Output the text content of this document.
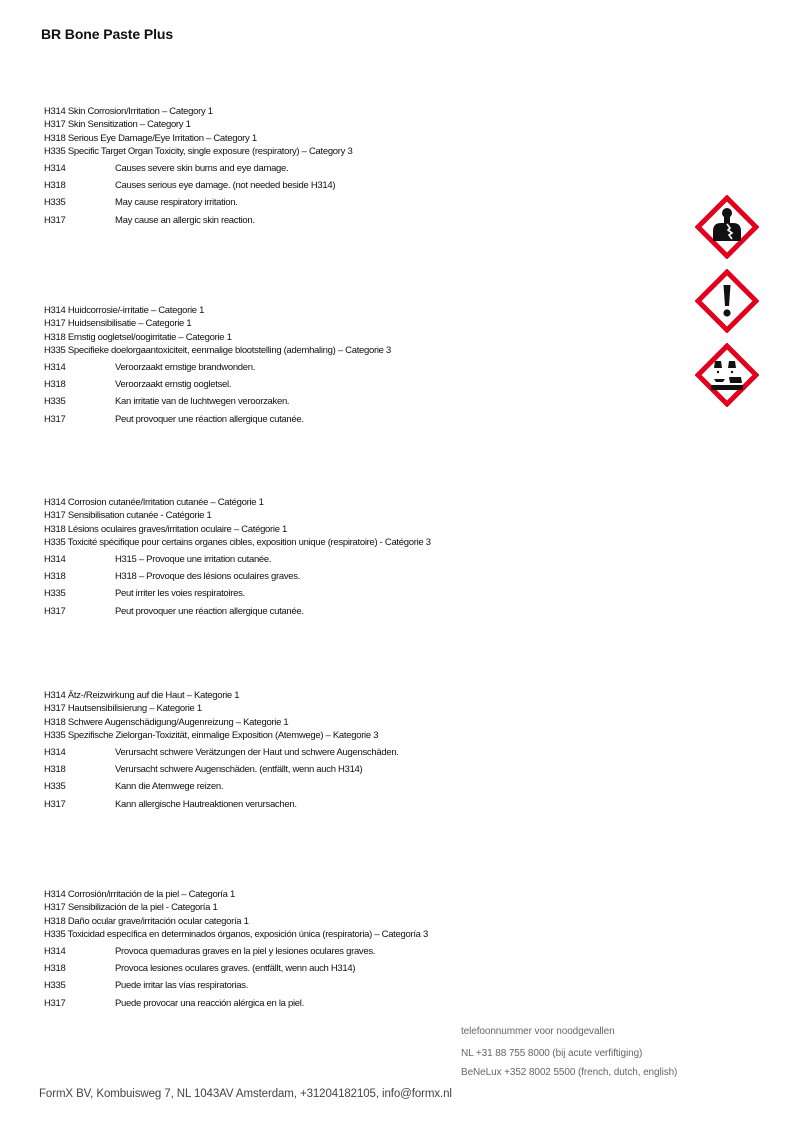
BR Bone Paste Plus
H314 Skin Corrosion/Irritation – Category 1
H317 Skin Sensitization – Category 1
H318 Serious Eye Damage/Eye Irritation – Category 1
H335 Specific Target Organ Toxicity, single exposure (respiratory) – Category 3
H314	Causes severe skin burns and eye damage.
H318	Causes serious eye damage. (not needed beside H314)
H335	May cause respiratory irritation.
H317	May cause an allergic skin reaction.
H314 Huidcorrosie/-irritatie – Categorie 1
H317 Huidsensibilisatie – Categorie 1
H318 Ernstig oogletsel/oogirritatie – Categorie 1
H335 Specifieke doelorgaantoxiciteit, eenmalige blootstelling (ademhaling) – Categorie 3
H314	Veroorzaakt ernstige brandwonden.
H318	Veroorzaakt ernstig oogletsel.
H335	Kan irritatie van de luchtwegen veroorzaken.
H317	Peut provoquer une réaction allergique cutanée.
H314 Corrosion cutanée/Irritation cutanée – Catégorie 1
H317 Sensibilisation cutanée - Catégorie 1
H318 Lésions oculaires graves/irritation oculaire – Catégorie 1
H335 Toxicité spécifique pour certains organes cibles, exposition unique (respiratoire) - Catégorie 3
H314	H315 – Provoque une irritation cutanée.
H318	H318 – Provoque des lésions oculaires graves.
H335	Peut irriter les voies respiratoires.
H317	Peut provoquer une réaction allergique cutanée.
H314 Ätz-/Reizwirkung auf die Haut – Kategorie 1
H317 Hautsensibilisierung – Kategorie 1
H318 Schwere Augenschädigung/Augenreizung – Kategorie 1
H335 Spezifische Zielorgan-Toxizität, einmalige Exposition (Atemwege) – Kategorie 3
H314	Verursacht schwere Verätzungen der Haut und schwere Augenschäden.
H318	Verursacht schwere Augenschäden. (entfällt, wenn auch H314)
H335	Kann die Atemwege reizen.
H317	Kann allergische Hautreaktionen verursachen.
H314 Corrosión/irritación de la piel – Categoría 1
H317 Sensibilización de la piel - Categoría 1
H318 Daño ocular grave/irritación ocular categoría 1
H335 Toxicidad específica en determinados órganos, exposición única (respiratoria) – Categoría 3
H314	Provoca quemaduras graves en la piel y lesiones oculares graves.
H318	Provoca lesiones oculares graves. (entfällt, wenn auch H314)
H335	Puede irritar las vías respiratorias.
H317	Puede provocar una reacción alérgica en la piel.

telefoonnummer voor noodgevallen
NL +31 88 755 8000 (bij acute verfiftiging)
BeNeLux +352 8002 5500 (french, dutch, english)
FormX BV, Kombuisweg 7, NL 1043AV Amsterdam, +31204182105, info@formx.nl
